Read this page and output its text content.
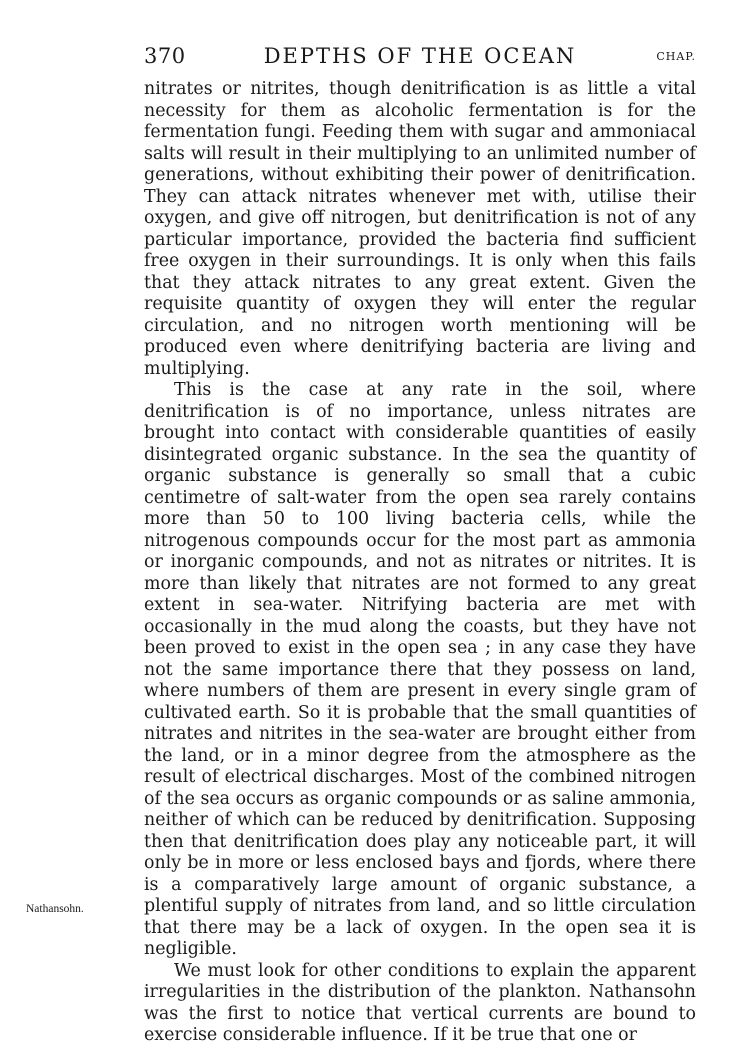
370	DEPTHS OF THE OCEAN	CHAP.
Nathansohn.

nitrates or nitrites, though denitrification is as little a vital necessity for them as alcoholic fermentation is for the fermentation fungi. Feeding them with sugar and ammoniacal salts will result in their multiplying to an unlimited number of generations, without exhibiting their power of denitrification. They can attack nitrates whenever met with, utilise their oxygen, and give off nitrogen, but denitrification is not of any particular importance, provided the bacteria find sufficient free oxygen in their surroundings. It is only when this fails that they attack nitrates to any great extent. Given the requisite quantity of oxygen they will enter the regular circulation, and no nitrogen worth mentioning will be produced even where denitrifying bacteria are living and multiplying.

This is the case at any rate in the soil, where denitrification is of no importance, unless nitrates are brought into contact with considerable quantities of easily disintegrated organic substance. In the sea the quantity of organic substance is generally so small that a cubic centimetre of salt-water from the open sea rarely contains more than 50 to 100 living bacteria cells, while the nitrogenous compounds occur for the most part as ammonia or inorganic compounds, and not as nitrates or nitrites. It is more than likely that nitrates are not formed to any great extent in sea-water. Nitrifying bacteria are met with occasionally in the mud along the coasts, but they have not been proved to exist in the open sea ; in any case they have not the same importance there that they possess on land, where numbers of them are present in every single gram of cultivated earth. So it is probable that the small quantities of nitrates and nitrites in the sea-water are brought either from the land, or in a minor degree from the atmosphere as the result of electrical discharges. Most of the combined nitrogen of the sea occurs as organic compounds or as saline ammonia, neither of which can be reduced by denitrification. Supposing then that denitrification does play any noticeable part, it will only be in more or less enclosed bays and fjords, where there is a comparatively large amount of organic substance, a plentiful supply of nitrates from land, and so little circulation that there may be a lack of oxygen. In the open sea it is negligible.

We must look for other conditions to explain the apparent irregularities in the distribution of the plankton. Nathansohn was the first to notice that vertical currents are bound to exercise considerable influence. If it be true that one or
